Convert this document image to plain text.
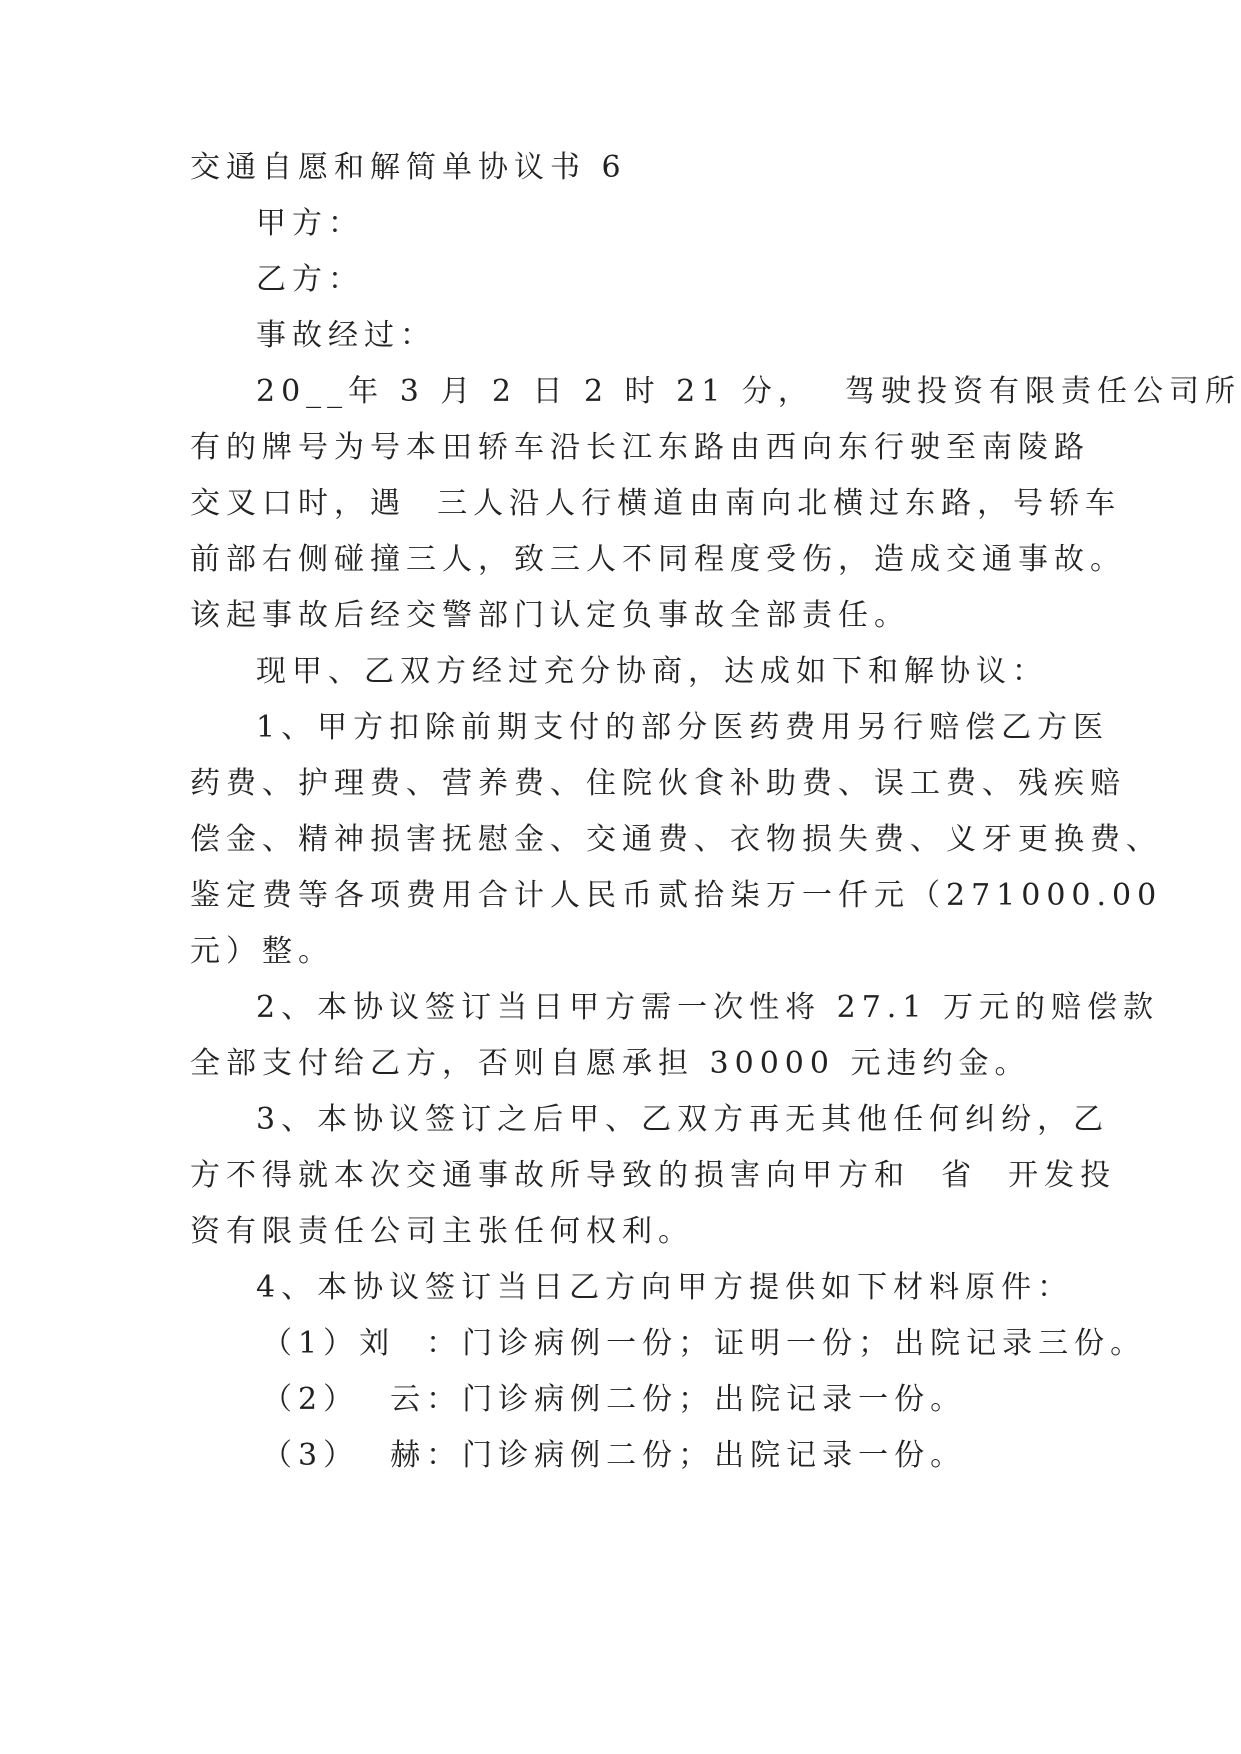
交通自愿和解简单协议书 6
甲方：
乙方：
事故经过：
20__年 3 月 2 日 2 时 21 分，  驾驶投资有限责任公司所
有的牌号为号本田轿车沿长江东路由西向东行驶至南陵路
交叉口时，遇  三人沿人行横道由南向北横过东路，号轿车
前部右侧碰撞三人，致三人不同程度受伤，造成交通事故。
该起事故后经交警部门认定负事故全部责任。
现甲、乙双方经过充分协商，达成如下和解协议：
1、甲方扣除前期支付的部分医药费用另行赔偿乙方医
药费、护理费、营养费、住院伙食补助费、误工费、残疾赔
偿金、精神损害抚慰金、交通费、衣物损失费、义牙更换费、
鉴定费等各项费用合计人民币贰拾柒万一仟元（271000.00
元）整。
2、本协议签订当日甲方需一次性将 27.1 万元的赔偿款
全部支付给乙方，否则自愿承担 30000 元违约金。
3、本协议签订之后甲、乙双方再无其他任何纠纷，乙
方不得就本次交通事故所导致的损害向甲方和  省  开发投
资有限责任公司主张任何权利。
4、本协议签订当日乙方向甲方提供如下材料原件：
（1）刘  ：门诊病例一份；证明一份；出院记录三份。
（2）  云：门诊病例二份；出院记录一份。
（3）  赫：门诊病例二份；出院记录一份。
